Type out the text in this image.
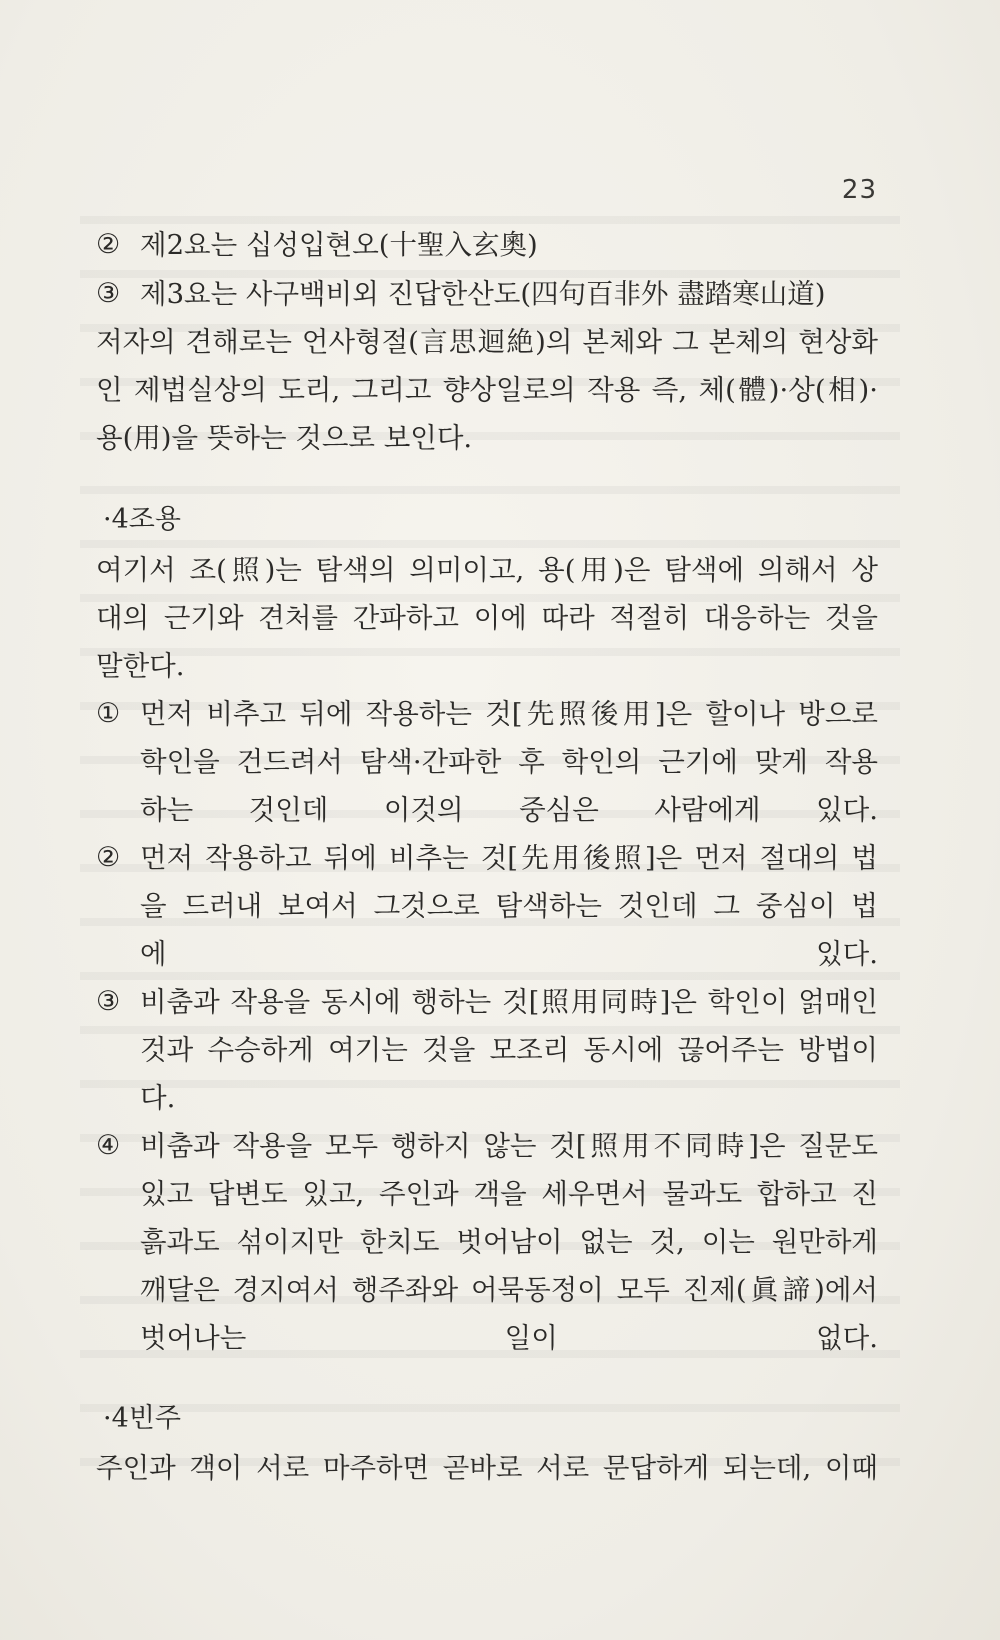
23
② 제2요는 십성입현오(十聖入玄奧)
③ 제3요는 사구백비외 진답한산도(四句百非外 盡踏寒山道)
저자의 견해로는 언사형절(言思迴絶)의 본체와 그 본체의 현상화
인 제법실상의 도리, 그리고 향상일로의 작용 즉, 체(體)·상(相)·
용(用)을 뜻하는 것으로 보인다.
·4조용
여기서 조(照)는 탐색의 의미이고, 용(用)은 탐색에 의해서 상
대의 근기와 견처를 간파하고 이에 따라 적절히 대응하는 것을
말한다.
① 먼저 비추고 뒤에 작용하는 것[先照後用]은 할이나 방으로
학인을 건드려서 탐색·간파한 후 학인의 근기에 맞게 작용
하는 것인데 이것의 중심은 사람에게 있다.
② 먼저 작용하고 뒤에 비추는 것[先用後照]은 먼저 절대의 법
을 드러내 보여서 그것으로 탐색하는 것인데 그 중심이 법
에 있다.
③ 비춤과 작용을 동시에 행하는 것[照用同時]은 학인이 얽매인
것과 수승하게 여기는 것을 모조리 동시에 끊어주는 방법이
다.
④ 비춤과 작용을 모두 행하지 않는 것[照用不同時]은 질문도
있고 답변도 있고, 주인과 객을 세우면서 물과도 합하고 진
흙과도 섞이지만 한치도 벗어남이 없는 것, 이는 원만하게
깨달은 경지여서 행주좌와 어묵동정이 모두 진제(眞諦)에서
벗어나는 일이 없다.
·4빈주
주인과 객이 서로 마주하면 곧바로 서로 문답하게 되는데, 이때
